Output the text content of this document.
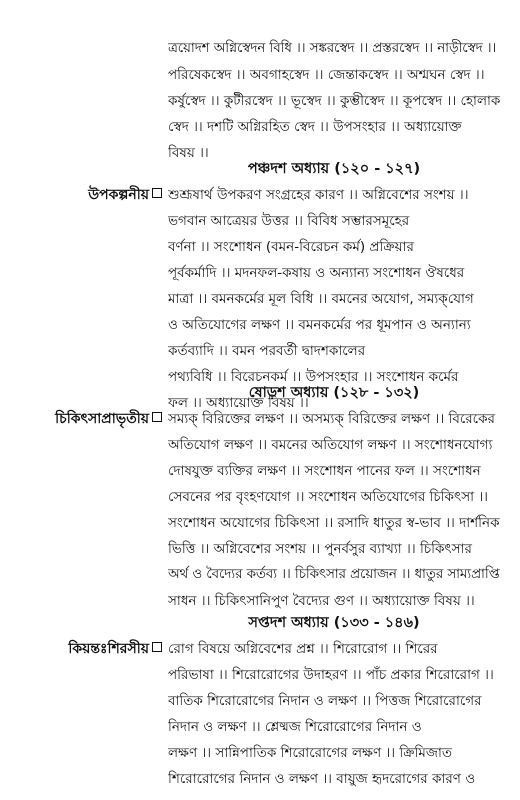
ত্রয়োদশ অগ্নিস্বেদন বিধি ।। সঙ্করস্বেদ ।। প্রস্তরস্বেদ ।। নাড়ীস্বেদ ।।
পরিষেকস্বেদ ।। অবগাহস্বেদ ।। জেন্তাকস্বেদ ।। অশ্মঘন স্বেদ ।।
কর্ষুস্বেদ ।। কুটীরস্বেদ ।। ভূস্বেদ ।। কুম্ভীস্বেদ ।। কূপস্বেদ ।। হোলাক
স্বেদ ।। দশটি অগ্নিরহিত স্বেদ ।। উপসংহার ।। অধ্যায়োক্ত
বিষয় ।।
পঞ্চদশ অধ্যায় (১২০ - ১২৭)
উপকল্পনীয়	শুশ্রূষার্থ উপকরণ সংগ্রহের কারণ ।। অগ্নিবেশের সংশয় ।।
ভগবান আত্রেয়র উত্তর ।। বিবিধ সম্ভারসমূহের
বর্ণনা ।। সংশোধন (বমন-বিরেচন কর্ম) প্রক্রিয়ার
পূর্বকর্মাদি ।। মদনফল-কষায় ও অন্যান্য সংশোধন ঔষধের
মাত্রা ।। বমনকর্মের মূল বিধি ।। বমনের অযোগ, সম্যক্‌যোগ
ও অতিযোগের লক্ষণ ।। বমনকর্মের পর ধূমপান ও অন্যান্য
কর্তব্যাদি ।। বমন পরবর্তী দ্বাদশকালের
পথ্যবিধি ।। বিরেচনকর্ম ।। উপসংহার ।। সংশোধন কর্মের
ফল ।। অধ্যায়োক্ত বিষয় ।।
ষোড়শ অধ্যায় (১২৮ - ১৩২)
চিকিৎসাপ্রাভৃতীয়	সম্যক্‌ বিরিক্তের লক্ষণ ।। অসম্যক্‌ বিরিক্তের লক্ষণ ।। বিরেকের
অতিযোগ লক্ষণ ।। বমনের অতিযোগ লক্ষণ ।। সংশোধনযোগ্য
দোষযুক্ত ব্যক্তির লক্ষণ ।। সংশোধন পানের ফল ।। সংশোধন
সেবনের পর বৃংহণযোগ ।। সংশোধন অতিযোগের চিকিৎসা ।।
সংশোধন অযোগের চিকিৎসা ।। রসাদি ধাতুর স্ব-ভাব ।। দার্শনিক
ভিত্তি ।। অগ্নিবেশের সংশয় ।। পুনর্বসুর ব্যাখ্যা ।। চিকিৎসার
অর্থ ও বৈদ্যের কর্তব্য ।। চিকিৎসার প্রয়োজন ।। ধাতুর সাম্যপ্রাপ্তি
সাধন ।। চিকিৎসানিপুণ বৈদ্যের গুণ ।। অধ্যায়োক্ত বিষয় ।।
সপ্তদশ অধ্যায় (১৩৩ - ১৪৬)
কিয়ন্তঃশিরসীয়	রোগ বিষয়ে অগ্নিবেশের প্রশ্ন ।। শিরোরোগ ।। শিরের
পরিভাষা ।। শিরোরোগের উদাহরণ ।। পাঁচ প্রকার শিরোরোগ ।।
বাতিক শিরোরোগের নিদান ও লক্ষণ ।। পিত্তজ শিরোরোগের
নিদান ও লক্ষণ ।। শ্লেষ্মজ শিরোরোগের নিদান ও
লক্ষণ ।। সান্নিপাতিক শিরোরোগের লক্ষণ ।। ক্রিমিজাত
শিরোরোগের নিদান ও লক্ষণ ।। বায়ুজ হৃদরোগের কারণ ও
